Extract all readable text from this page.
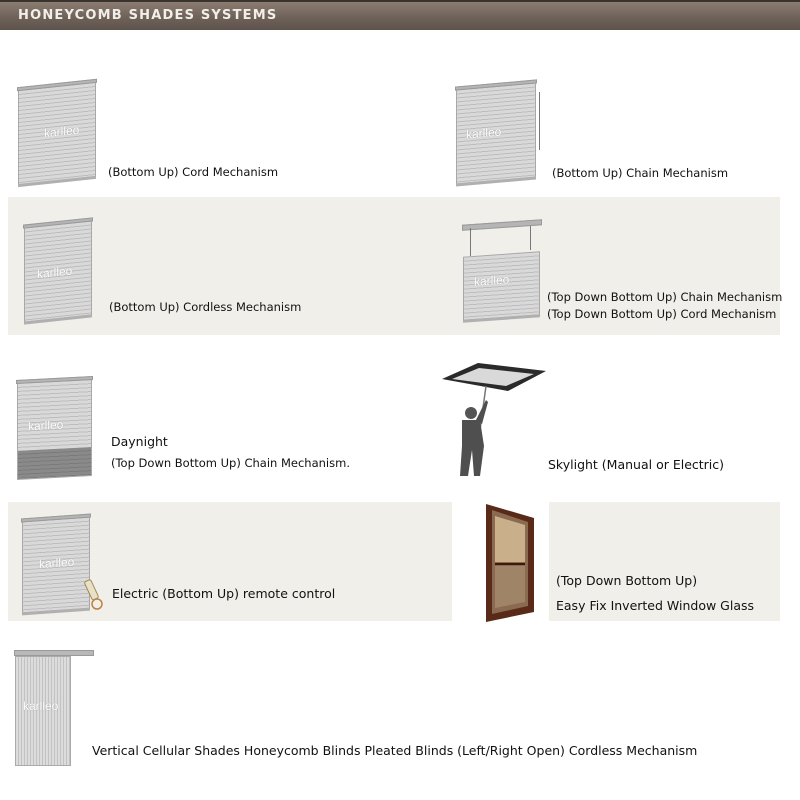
HONEYCOMB SHADES SYSTEMS
karlleo
(Bottom Up) Cord Mechanism
karlleo
(Bottom Up) Chain Mechanism
karlleo
(Bottom Up) Cordless Mechanism
karlleo
(Top Down Bottom Up) Chain Mechanism
(Top Down Bottom Up) Cord Mechanism
karlleo
Daynight
(Top Down Bottom Up) Chain Mechanism.	Skylight (Manual or Electric)
karlleo
Electric (Bottom Up) remote control
(Top Down Bottom Up)
Easy Fix Inverted Window Glass
karlleo
Vertical Cellular Shades Honeycomb Blinds Pleated Blinds (Left/Right Open) Cordless Mechanism
